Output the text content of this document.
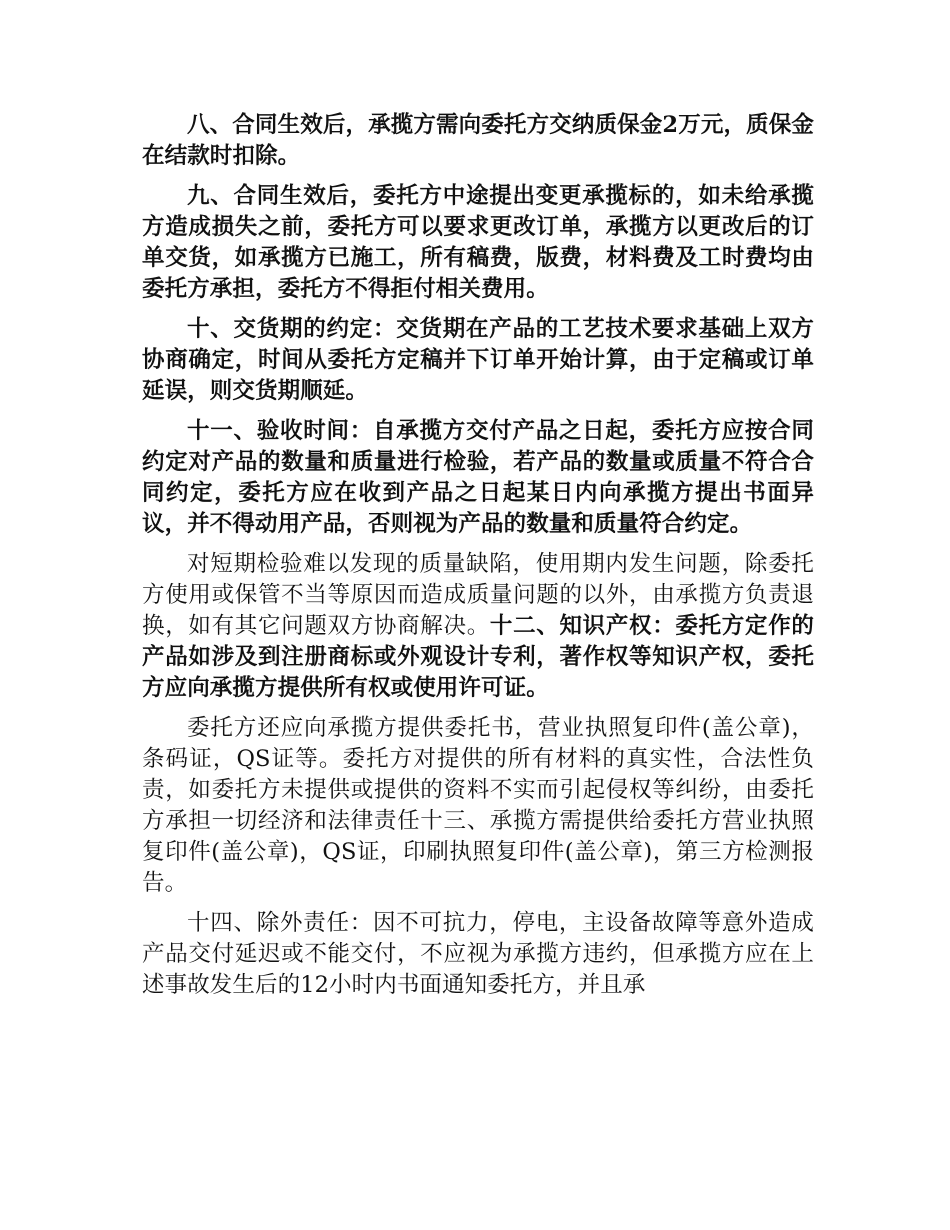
八、合同生效后，承揽方需向委托方交纳质保金2万元，质保金在结款时扣除。

九、合同生效后，委托方中途提出变更承揽标的，如未给承揽方造成损失之前，委托方可以要求更改订单，承揽方以更改后的订单交货，如承揽方已施工，所有稿费，版费，材料费及工时费均由委托方承担，委托方不得拒付相关费用。

十、交货期的约定：交货期在产品的工艺技术要求基础上双方协商确定，时间从委托方定稿并下订单开始计算，由于定稿或订单延误，则交货期顺延。

十一、验收时间：自承揽方交付产品之日起，委托方应按合同约定对产品的数量和质量进行检验，若产品的数量或质量不符合合同约定，委托方应在收到产品之日起某日内向承揽方提出书面异议，并不得动用产品，否则视为产品的数量和质量符合约定。

对短期检验难以发现的质量缺陷，使用期内发生问题，除委托方使用或保管不当等原因而造成质量问题的以外，由承揽方负责退换，如有其它问题双方协商解决。十二、知识产权：委托方定作的产品如涉及到注册商标或外观设计专利，著作权等知识产权，委托方应向承揽方提供所有权或使用许可证。

委托方还应向承揽方提供委托书，营业执照复印件(盖公章)，条码证，QS证等。委托方对提供的所有材料的真实性，合法性负责，如委托方未提供或提供的资料不实而引起侵权等纠纷，由委托方承担一切经济和法律责任十三、承揽方需提供给委托方营业执照复印件(盖公章)，QS证，印刷执照复印件(盖公章)，第三方检测报告。

十四、除外责任：因不可抗力，停电，主设备故障等意外造成产品交付延迟或不能交付，不应视为承揽方违约，但承揽方应在上述事故发生后的12小时内书面通知委托方，并且承
